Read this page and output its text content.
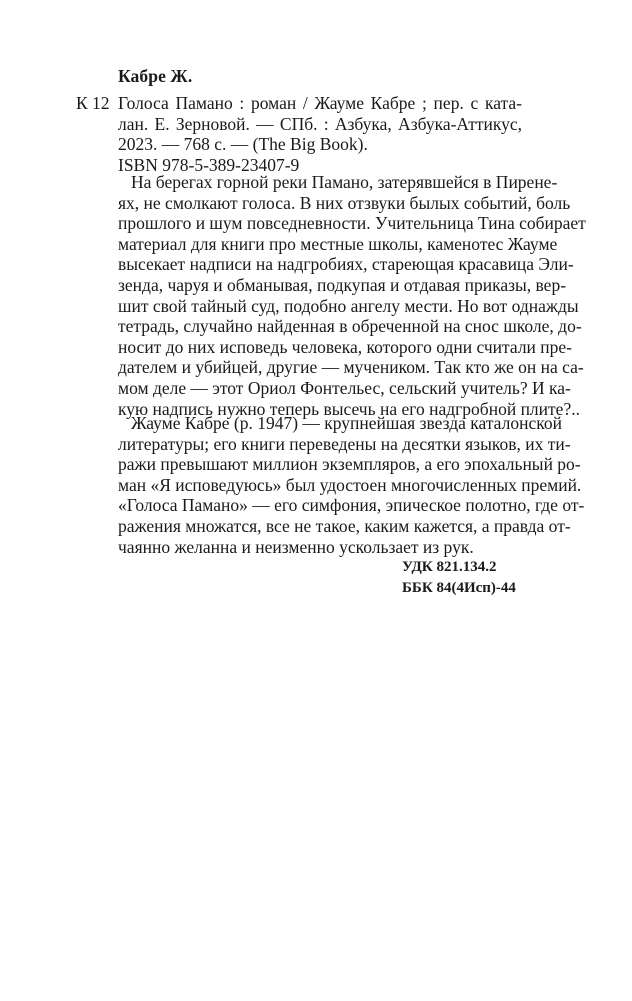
Кабре Ж.
К 12 Голоса Памано : роман / Жауме Кабре ; пер. с ката-
лан. Е. Зерновой. — СПб. : Азбука, Азбука-Аттикус,
2023. — 768 с. — (The Big Book).
ISBN 978-5-389-23407-9
На берегах горной реки Памано, затерявшейся в Пирене-
ях, не смолкают голоса. В них отзвуки былых событий, боль
прошлого и шум повседневности. Учительница Тина собирает
материал для книги про местные школы, каменотес Жауме
высекает надписи на надгробиях, стареющая красавица Эли-
зенда, чаруя и обманывая, подкупая и отдавая приказы, вер-
шит свой тайный суд, подобно ангелу мести. Но вот однажды
тетрадь, случайно найденная в обреченной на снос школе, до-
носит до них исповедь человека, которого одни считали пре-
дателем и убийцей, другие — мучеником. Так кто же он на са-
мом деле — этот Ориол Фонтельес, сельский учитель? И ка-
кую надпись нужно теперь высечь на его надгробной плите?..
Жауме Кабре (р. 1947) — крупнейшая звезда каталонской
литературы; его книги переведены на десятки языков, их ти-
ражи превышают миллион экземпляров, а его эпохальный ро-
ман «Я исповедуюсь» был удостоен многочисленных премий.
«Голоса Памано» — его симфония, эпическое полотно, где от-
ражения множатся, все не такое, каким кажется, а правда от-
чаянно желанна и неизменно ускользает из рук.
УДК 821.134.2
ББК 84(4Исп)-44
